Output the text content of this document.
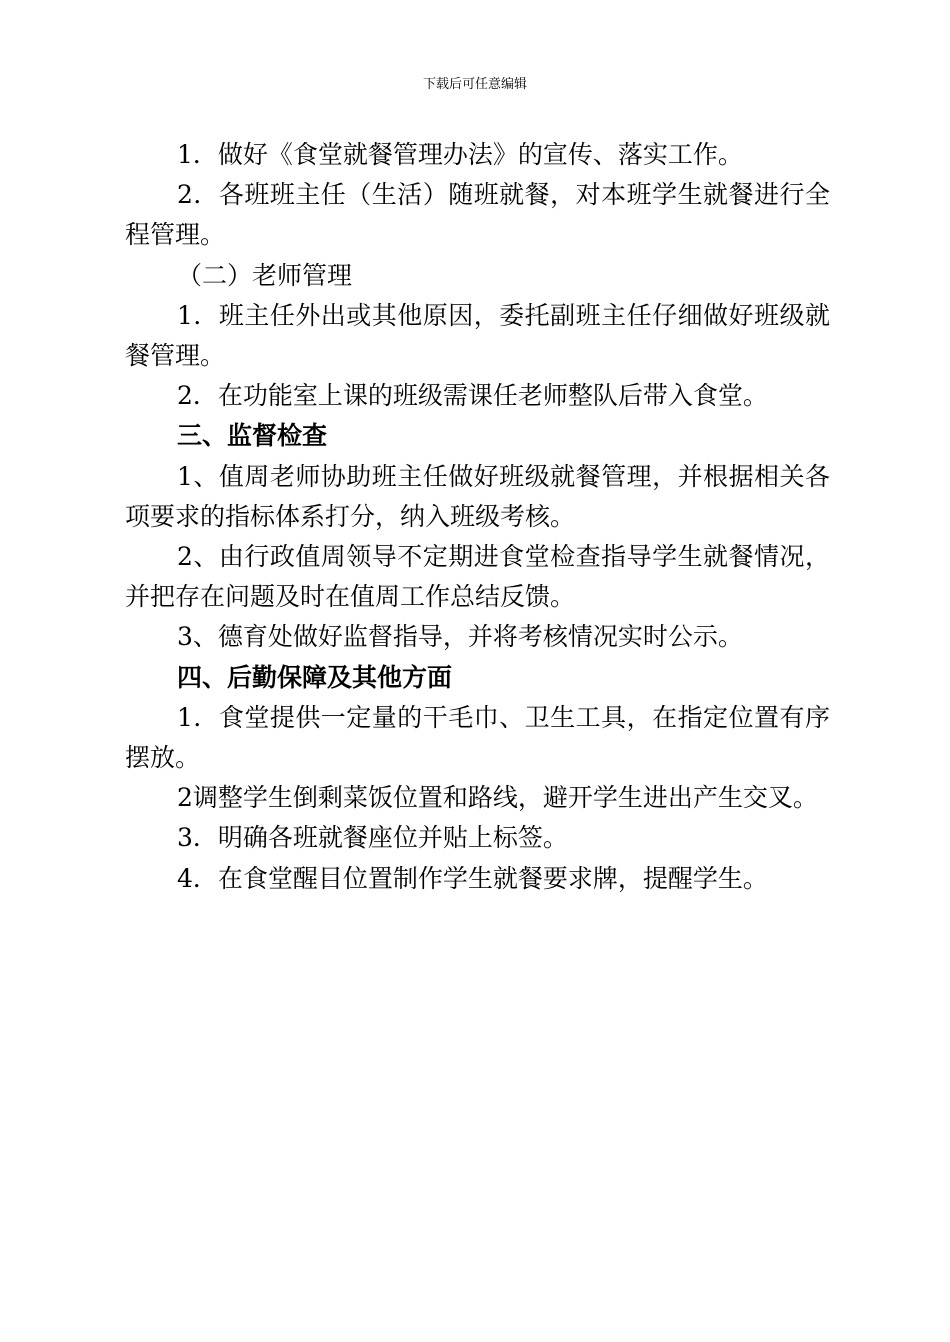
下载后可任意编辑

1．做好《食堂就餐管理办法》的宣传、落实工作。

2．各班班主任（生活）随班就餐，对本班学生就餐进行全程管理。

（二）老师管理

1．班主任外出或其他原因，委托副班主任仔细做好班级就餐管理。

2．在功能室上课的班级需课任老师整队后带入食堂。

三、监督检查

1、值周老师协助班主任做好班级就餐管理，并根据相关各项要求的指标体系打分，纳入班级考核。

2、由行政值周领导不定期进食堂检查指导学生就餐情况，并把存在问题及时在值周工作总结反馈。

3、德育处做好监督指导，并将考核情况实时公示。

四、后勤保障及其他方面

1．食堂提供一定量的干毛巾、卫生工具，在指定位置有序摆放。

2调整学生倒剩菜饭位置和路线，避开学生进出产生交叉。

3．明确各班就餐座位并贴上标签。

4．在食堂醒目位置制作学生就餐要求牌，提醒学生。
